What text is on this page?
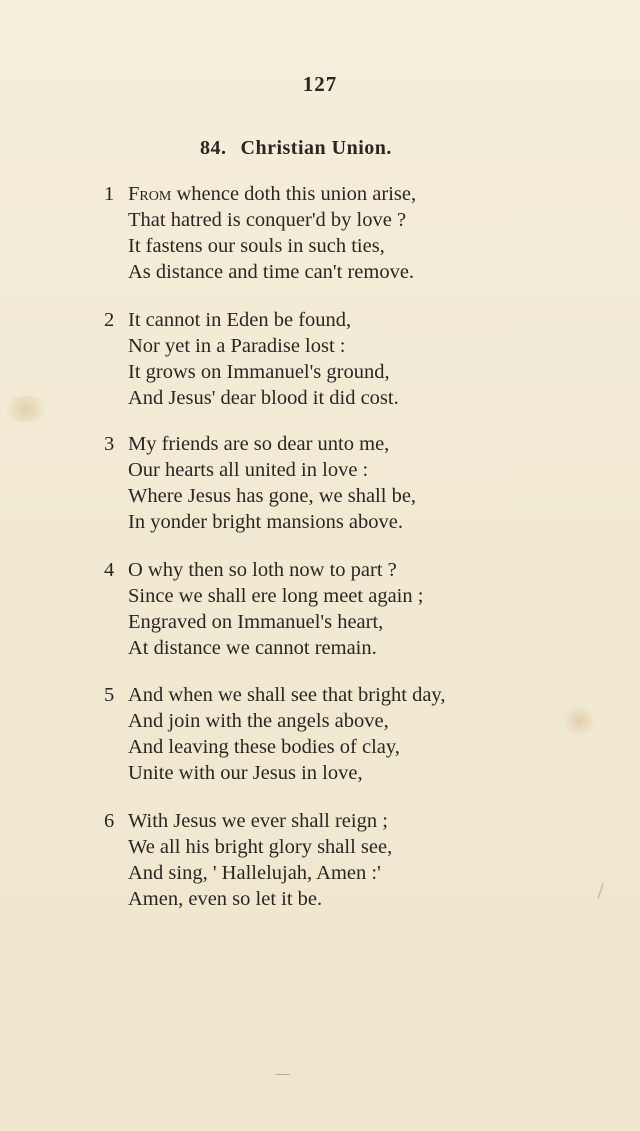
127
84. Christian Union.
1 From whence doth this union arise,
That hatred is conquer'd by love ?
It fastens our souls in such ties,
As distance and time can't remove.
2 It cannot in Eden be found,
Nor yet in a Paradise lost :
It grows on Immanuel's ground,
And Jesus' dear blood it did cost.
3 My friends are so dear unto me,
Our hearts all united in love :
Where Jesus has gone, we shall be,
In yonder bright mansions above.
4 O why then so loth now to part ?
Since we shall ere long meet again ;
Engraved on Immanuel's heart,
At distance we cannot remain.
5 And when we shall see that bright day,
And join with the angels above,
And leaving these bodies of clay,
Unite with our Jesus in love,
6 With Jesus we ever shall reign ;
We all his bright glory shall see,
And sing, ' Hallelujah, Amen :'
Amen, even so let it be.
